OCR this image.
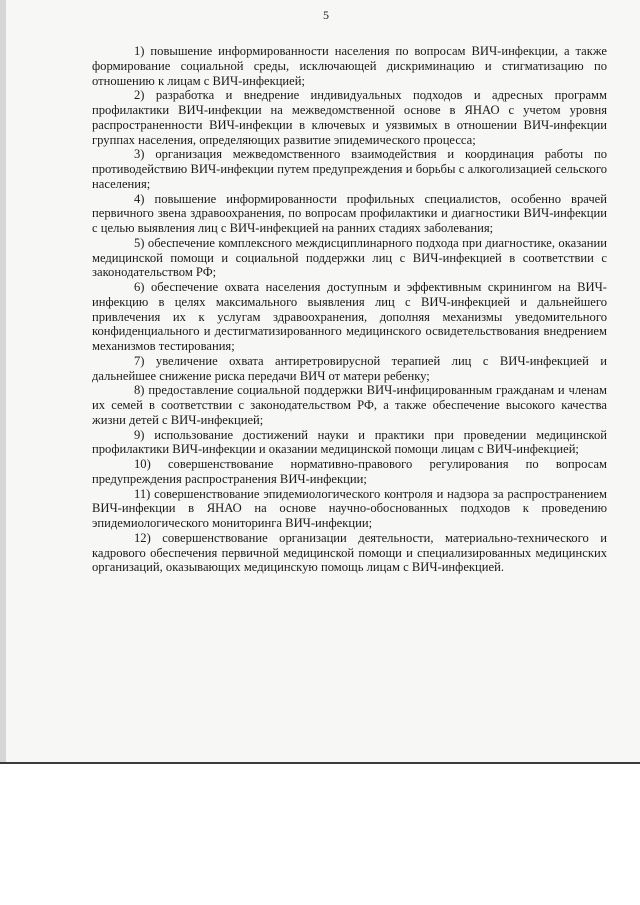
5

1) повышение информированности населения по вопросам ВИЧ-инфекции, а также формирование социальной среды, исключающей дискриминацию и стигматизацию по отношению к лицам с ВИЧ-инфекцией;

2) разработка и внедрение индивидуальных подходов и адресных программ профилактики ВИЧ-инфекции на межведомственной основе в ЯНАО с учетом уровня распространенности ВИЧ-инфекции в ключевых и уязвимых в отношении ВИЧ-инфекции группах населения, определяющих развитие эпидемического процесса;

3) организация межведомственного взаимодействия и координация работы по противодействию ВИЧ-инфекции путем предупреждения и борьбы с алкоголизацией сельского населения;

4) повышение информированности профильных специалистов, особенно врачей первичного звена здравоохранения, по вопросам профилактики и диагностики ВИЧ-инфекции с целью выявления лиц с ВИЧ-инфекцией на ранних стадиях заболевания;

5) обеспечение комплексного междисциплинарного подхода при диагностике, оказании медицинской помощи и социальной поддержки лиц с ВИЧ-инфекцией в соответствии с законодательством РФ;

6) обеспечение охвата населения доступным и эффективным скринингом на ВИЧ-инфекцию в целях максимального выявления лиц с ВИЧ-инфекцией и дальнейшего привлечения их к услугам здравоохранения, дополняя механизмы уведомительного конфиденциального и дестигматизированного медицинского освидетельствования внедрением механизмов тестирования;

7) увеличение охвата антиретровирусной терапией лиц с ВИЧ-инфекцией и дальнейшее снижение риска передачи ВИЧ от матери ребенку;

8) предоставление социальной поддержки ВИЧ-инфицированным гражданам и членам их семей в соответствии с законодательством РФ, а также обеспечение высокого качества жизни детей с ВИЧ-инфекцией;

9) использование достижений науки и практики при проведении медицинской профилактики ВИЧ-инфекции и оказании медицинской помощи лицам с ВИЧ-инфекцией;

10) совершенствование нормативно-правового регулирования по вопросам предупреждения распространения ВИЧ-инфекции;

11) совершенствование эпидемиологического контроля и надзора за распространением ВИЧ-инфекции в ЯНАО на основе научно-обоснованных подходов к проведению эпидемиологического мониторинга ВИЧ-инфекции;

12) совершенствование организации деятельности, материально-технического и кадрового обеспечения первичной медицинской помощи и специализированных медицинских организаций, оказывающих медицинскую помощь лицам с ВИЧ-инфекцией.
